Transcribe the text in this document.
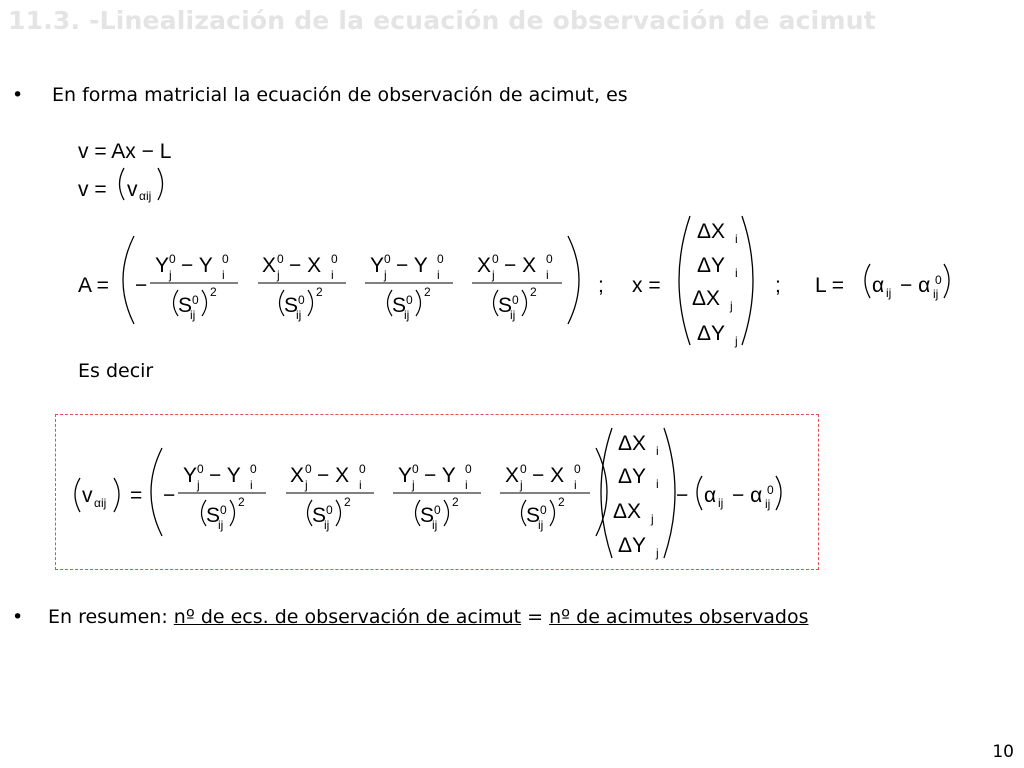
11.3. -Linealización de la ecuación de observación de acimut
• En forma matricial la ecuación de observación de acimut, es
v = Ax − L
Es decir
v = v αij
A = −
Y 0
j − Y 0
i
S 0
ij
2
X 0
j − X 0
i
S 0
ij
2
Y 0
j − Y 0
i
S 0
ij
2
X 0
j − X 0
i
S 0
ij
2	; x =
ΔX i
ΔY i
ΔX j
ΔY j
; L = α ij − α 0
ij
v αij = −
Y 0
j − Y 0
i
S 0
ij
2
X 0
j − X 0
i
S 0
ij
2
Y 0
j − Y 0
i
S 0
ij
2
X 0
j − X 0
i
S 0
ij
2
ΔX i
ΔY i
ΔX j
ΔY j
− α ij − α 0
ij
• En resumen: nº de ecs. de observación de acimut = nº de acimutes observados
10
